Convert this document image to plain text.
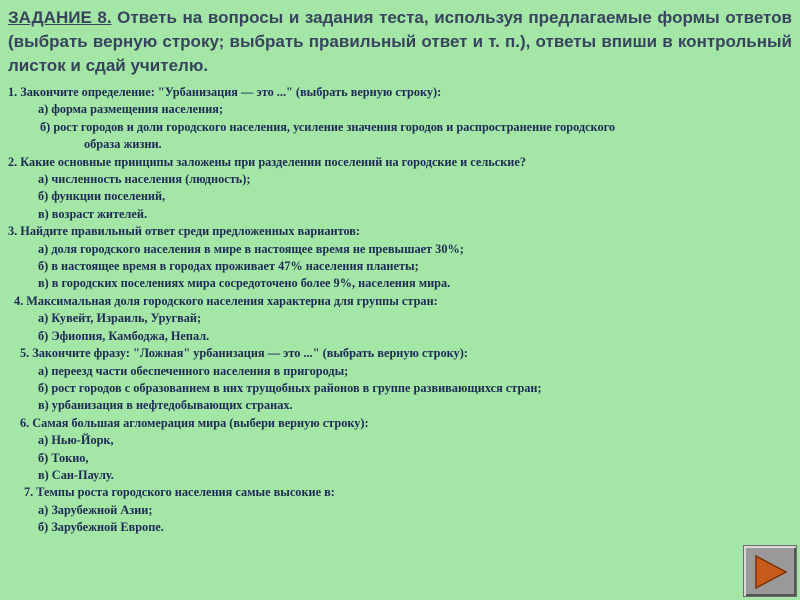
ЗАДАНИЕ 8. Ответь на вопросы и задания теста, используя предлагаемые формы ответов (выбрать верную строку; выбрать правильный ответ и т. п.), ответы впиши в контрольный листок и сдай учителю.
1. Закончите определение: "Урбанизация — это ..." (выбрать верную строку):
а) форма размещения населения;
б) рост городов и доли городского населения, усиление значения городов и распространение городского
образа жизни.
2. Какие основные принципы заложены при разделении поселений на городские и сельские?
а) численность населения (людность);
б) функции поселений,
в) возраст жителей.
3. Найдите правильный ответ среди предложенных вариантов:
а) доля городского населения в мире в настоящее время не превышает 30%;
б) в настоящее время в городах проживает 47% населения планеты;
в) в городских поселениях мира сосредоточено более 9%, населения мира.
4. Максимальная доля городского населения характерна для группы стран:
а) Кувейт, Израиль, Уругвай;
б) Эфиопия, Камбоджа, Непал.
5. Закончите фразу: "Ложная" урбанизация — это ..." (выбрать верную строку):
а) переезд части обеспеченного населения в пригороды;
б) рост городов с образованием в них трущобных районов в группе развивающихся стран;
в) урбанизация в нефтедобывающих странах.
6. Самая большая агломерация мира (выбери верную строку):
а) Нью-Йорк,
б) Токио,
в) Сан-Паулу.
7. Темпы роста городского населения самые высокие в:
а) Зарубежной Азии;
б) Зарубежной Европе.
